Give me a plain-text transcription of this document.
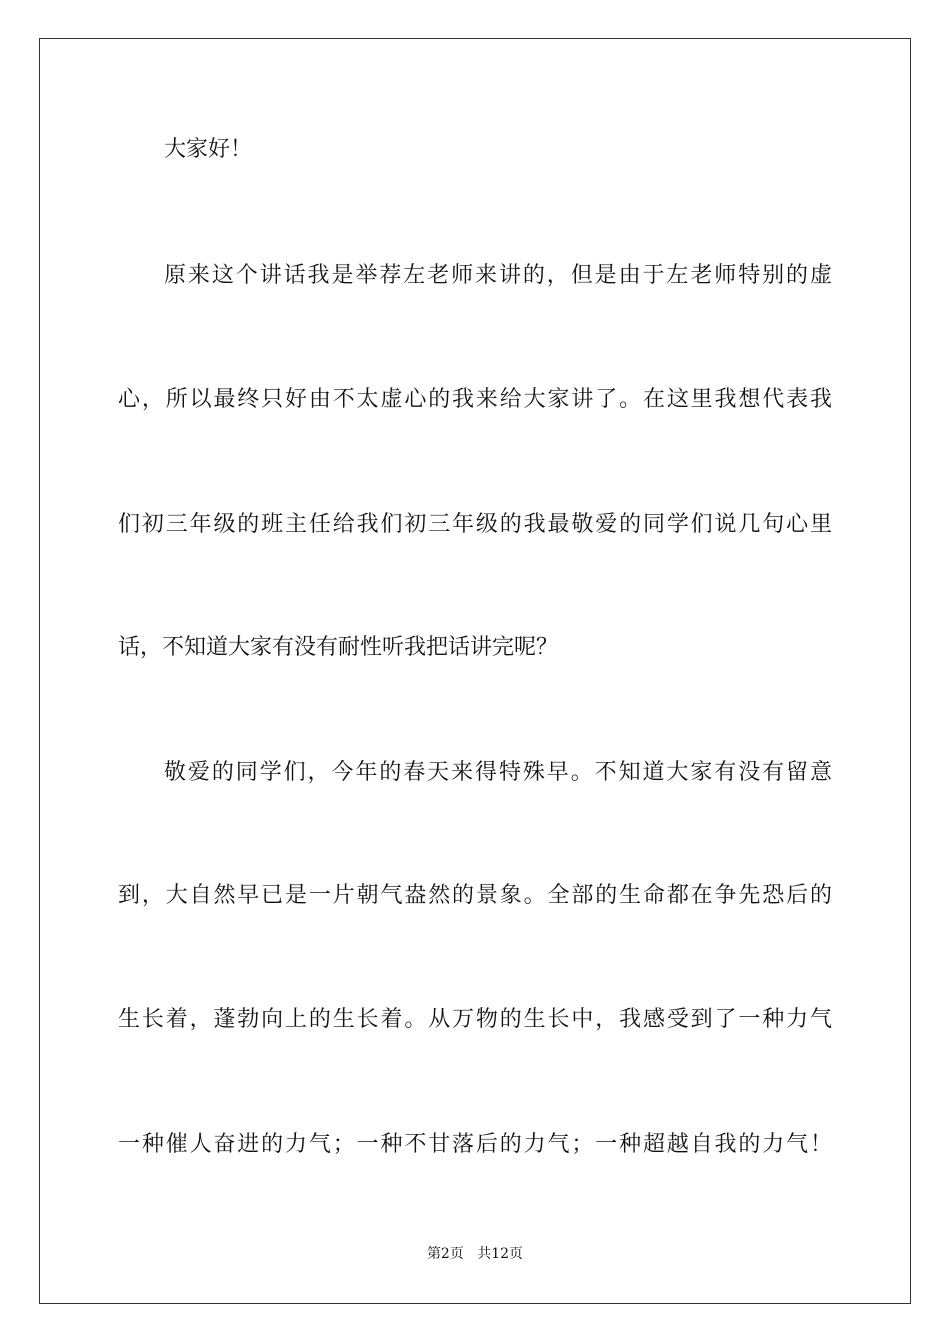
大家好！
原来这个讲话我是举荐左老师来讲的，但是由于左老师特别的虚
心，所以最终只好由不太虚心的我来给大家讲了。在这里我想代表我
们初三年级的班主任给我们初三年级的我最敬爱的同学们说几句心里
话，不知道大家有没有耐性听我把话讲完呢？
敬爱的同学们，今年的春天来得特殊早。不知道大家有没有留意
到，大自然早已是一片朝气盎然的景象。全部的生命都在争先恐后的
生长着，蓬勃向上的生长着。从万物的生长中，我感受到了一种力气
一种催人奋进的力气；一种不甘落后的力气；一种超越自我的力气！
第2页 共12页
